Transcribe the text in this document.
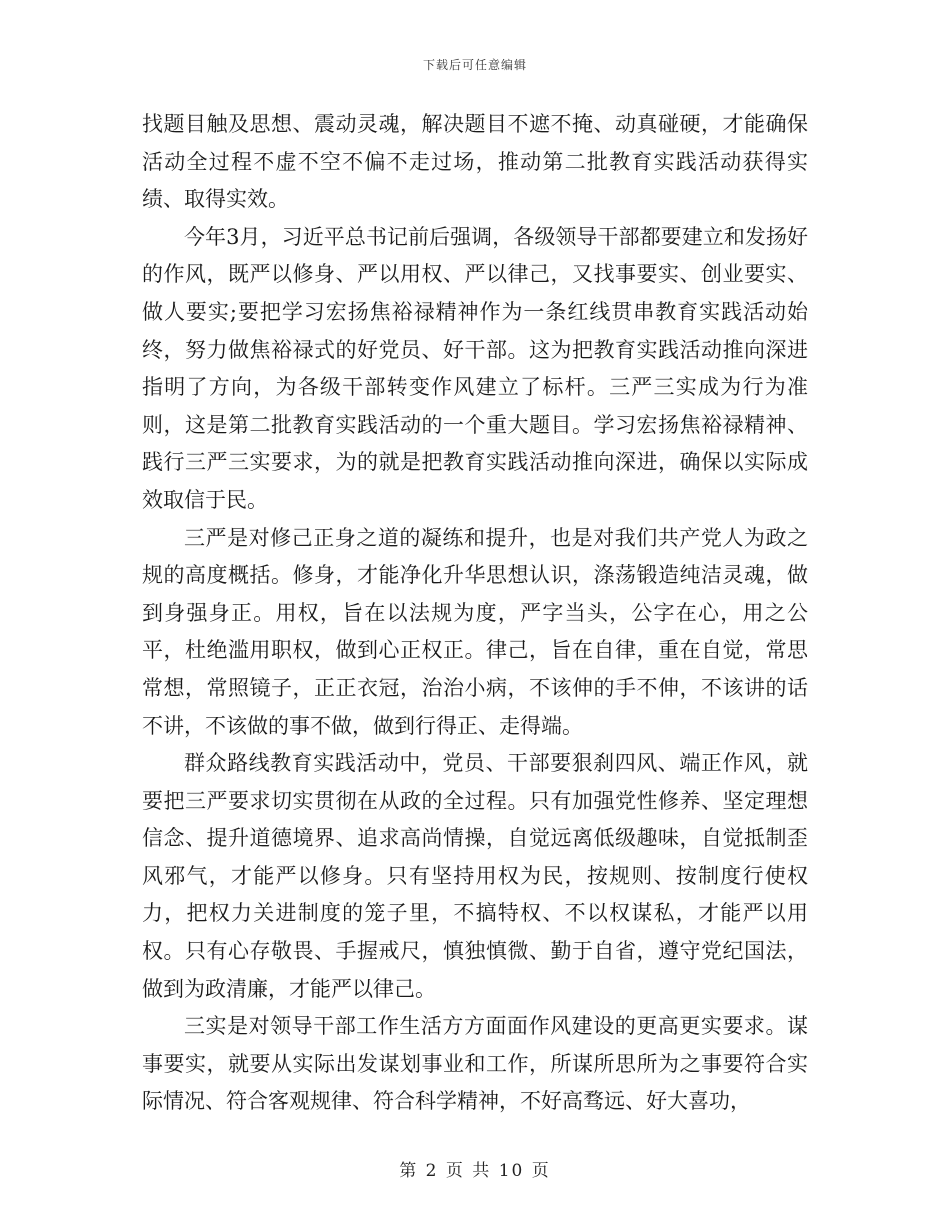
下载后可任意编辑

找题目触及思想、震动灵魂，解决题目不遮不掩、动真碰硬，才能确保活动全过程不虚不空不偏不走过场，推动第二批教育实践活动获得实绩、取得实效。

今年3月，习近平总书记前后强调，各级领导干部都要建立和发扬好的作风，既严以修身、严以用权、严以律己，又找事要实、创业要实、做人要实;要把学习宏扬焦裕禄精神作为一条红线贯串教育实践活动始终，努力做焦裕禄式的好党员、好干部。这为把教育实践活动推向深进指明了方向，为各级干部转变作风建立了标杆。三严三实成为行为准则，这是第二批教育实践活动的一个重大题目。学习宏扬焦裕禄精神、践行三严三实要求，为的就是把教育实践活动推向深进，确保以实际成效取信于民。

三严是对修己正身之道的凝练和提升，也是对我们共产党人为政之规的高度概括。修身，才能净化升华思想认识，涤荡锻造纯洁灵魂，做到身强身正。用权，旨在以法规为度，严字当头，公字在心，用之公平，杜绝滥用职权，做到心正权正。律己，旨在自律，重在自觉，常思常想，常照镜子，正正衣冠，治治小病，不该伸的手不伸，不该讲的话不讲，不该做的事不做，做到行得正、走得端。

群众路线教育实践活动中，党员、干部要狠刹四风、端正作风，就要把三严要求切实贯彻在从政的全过程。只有加强党性修养、坚定理想信念、提升道德境界、追求高尚情操，自觉远离低级趣味，自觉抵制歪风邪气，才能严以修身。只有坚持用权为民，按规则、按制度行使权力，把权力关进制度的笼子里，不搞特权、不以权谋私，才能严以用权。只有心存敬畏、手握戒尺，慎独慎微、勤于自省，遵守党纪国法，做到为政清廉，才能严以律己。

三实是对领导干部工作生活方方面面作风建设的更高更实要求。谋事要实，就要从实际出发谋划事业和工作，所谋所思所为之事要符合实际情况、符合客观规律、符合科学精神，不好高骛远、好大喜功，

第 2 页 共 10 页
